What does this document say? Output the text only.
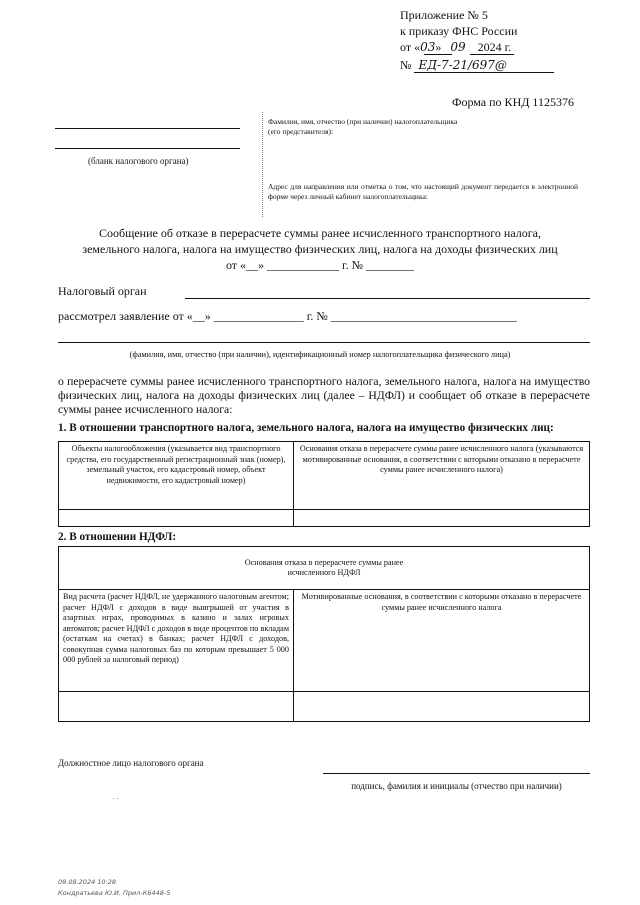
Приложение № 5
к приказу ФНС России
от «03» 09 2024 г.
№ ЕД-7-21/697@
Форма по КНД 1125376
(бланк налогового органа)
Фамилия, имя, отчество (при наличии) налогоплательщика
(его представителя):
Адрес для направления или отметка о том, что настоящий документ передается в электронной форме через личный кабинет налогоплательщика:
Сообщение об отказе в перерасчете суммы ранее исчисленного транспортного налога,
земельного налога, налога на имущество физических лиц, налога на доходы физических лиц
от «__» ____________ г. № ________
Налоговый орган
рассмотрел заявление от «__» _______________ г. № _______________________________
(фамилия, имя, отчество (при наличии), идентификационный номер налогоплательщика физического лица)
о перерасчете суммы ранее исчисленного транспортного налога, земельного налога, налога на имущество физических лиц, налога на доходы физических лиц (далее – НДФЛ) и сообщает об отказе в перерасчете суммы ранее исчисленного налога:
1. В отношении транспортного налога, земельного налога, налога на имущество физических лиц:
Объекты налогообложения (указывается вид транспортного средства, его государственный регистрационный знак (номер), земельный участок, его кадастровый номер, объект недвижимости, его кадастровый номер)	Основания отказа в перерасчете суммы ранее исчисленного налога (указываются мотивированные основания, в соответствии с которыми отказано в перерасчете суммы ранее исчисленного налога)

2. В отношении НДФЛ:
Основания отказа в перерасчете суммы ранее исчисленного НДФЛ	
Вид расчета (расчет НДФЛ, не удержанного налоговым агентом; расчет НДФЛ с доходов в виде выигрышей от участия в азартных играх, проводимых в казино и залах игровых автоматов; расчет НДФЛ с доходов в виде процентов по вкладам (остаткам на счетах) в банках; расчет НДФЛ с доходов, совокупная сумма налоговых баз по которым превышает 5 000 000 рублей за налоговый период)	Мотивированные основания, в соответствии с которыми отказано в перерасчете суммы ранее исчисленного налога

Должностное лицо налогового органа
подпись, фамилия и инициалы (отчество при наличии)
· ·
09.08.2024 10:28
Кондратьева Ю.И. Прил-К6448-5
